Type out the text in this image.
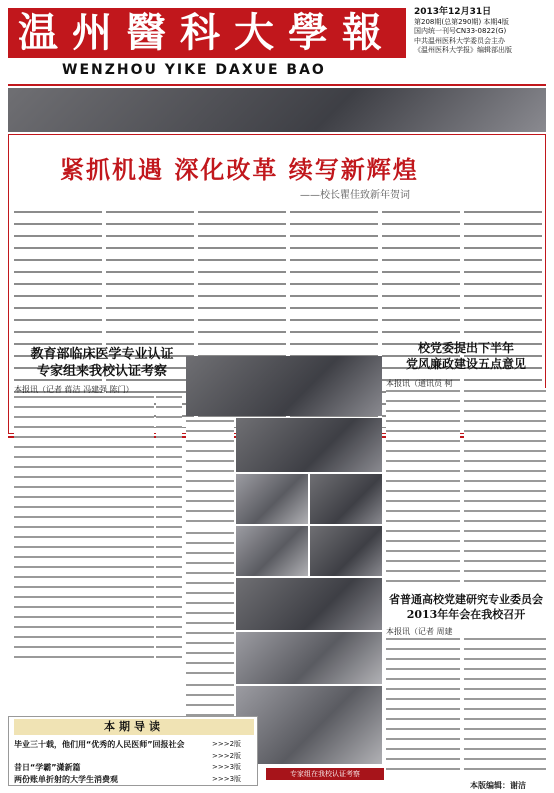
温州醫科大學報
WENZHOU YIKE DAXUE BAO
2013年12月31日
第208期(总第290期) 本期4版
国内统一刊号CN33-0822(G)
中共温州医科大学委员会主办
《温州医科大学报》编辑部出版
紧抓机遇 深化改革 续写新辉煌
——校长瞿佳致新年贺词
教育部临床医学专业认证
专家组来我校认证考察
本报讯（记者 蒋洁 冯建强 陈门）
专家组在我校认证考察
校党委提出下半年
党风廉政建设五点意见
本报讯（通讯员 柯
省普通高校党建研究专业委员会
2013年年会在我校召开
本报讯（记者 周建
本期导读
毕业三十载，他们用“优秀的人民医师”回报社会	>>>2版
>>>2版
昔日“学霸”潇新篇	>>>3版
两份账单折射的大学生消费观	>>>3版
本版编辑：谢洁
